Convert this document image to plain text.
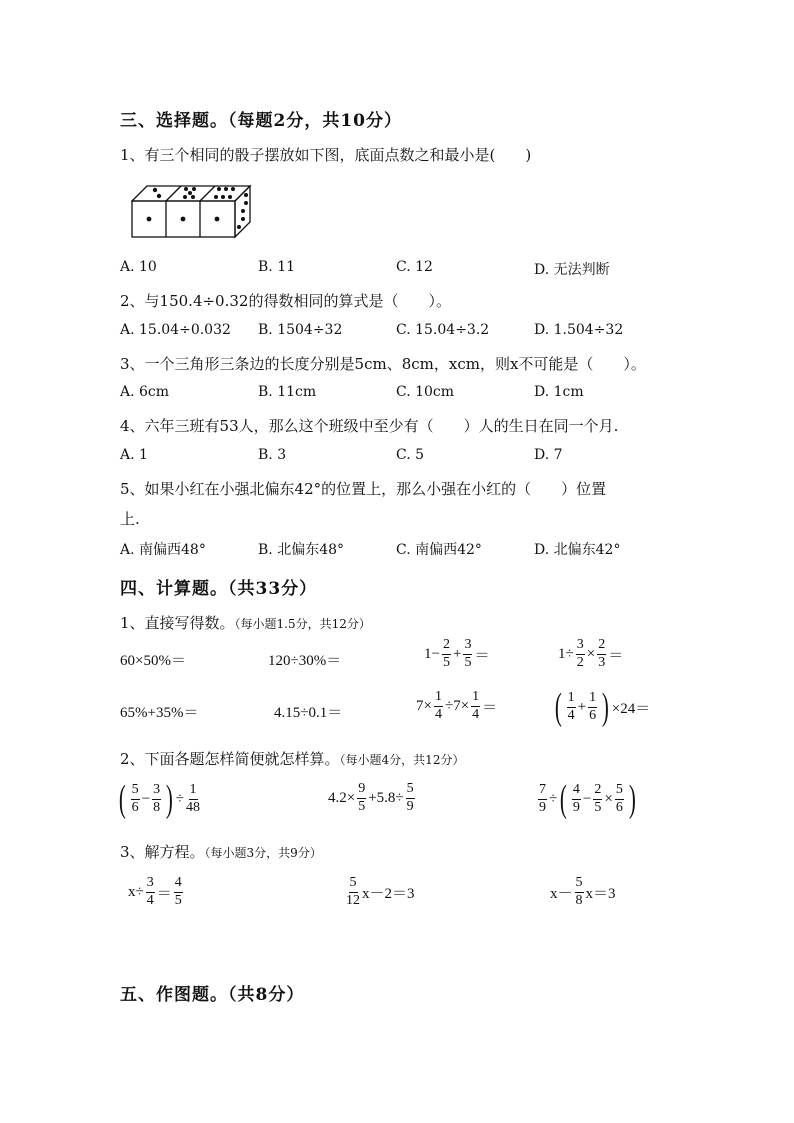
三、选择题。（每题2分，共10分）
1、有三个相同的骰子摆放如下图，底面点数之和最小是(　　)
A. 10	B. 11	C. 12	D. 无法判断
2、与150.4÷0.32的得数相同的算式是（　　）。
A. 15.04÷0.032 B. 1504÷32	C. 15.04÷3.2	D. 1.504÷32
3、一个三角形三条边的长度分别是5cm、8cm，xcm，则x不可能是（　　）。
A. 6cm	B. 11cm	C. 10cm	D. 1cm
4、六年三班有53人，那么这个班级中至少有（　　）人的生日在同一个月.
A. 1	B. 3	C. 5	D. 7
5、如果小红在小强北偏东42°的位置上，那么小强在小红的（　　）位置
上.
A. 南偏西48°	B. 北偏东48°	C. 南偏西42°	D. 北偏东42°
四、计算题。（共33分）
1、直接写得数。（每小题1.5分，共12分）
60×50%＝	120÷30%＝	$1- \frac{2}{5} + \frac{3}{5}$ ＝	$1\div \frac{3}{2} \times \frac{2}{3}$ ＝
65%+35%＝	4.15÷0.1＝	$7\times \frac{1}{4} \div 7\times \frac{1}{4}$ ＝ ( $\frac{1}{4} + \frac{1}{6}$ ) ×24＝
2、下面各题怎样简便就怎样算。（每小题4分，共12分）
( $\frac{5}{6} - \frac{3}{8}$ ) ÷ $\frac{1}{48}$	$4.2\times \frac{9}{5} +5.8\div \frac{5}{9}$	$\frac{7}{9}$ ÷ ( $\frac{4}{9} - \frac{2}{5} \times \frac{5}{6}$ )
3、解方程。（每小题3分，共9分）
$x\div \frac{3}{4} = \frac{4}{5}$	$\frac{5}{12} x-2=3$	$x- \frac{5}{8} x=3$
五、作图题。（共8分）
